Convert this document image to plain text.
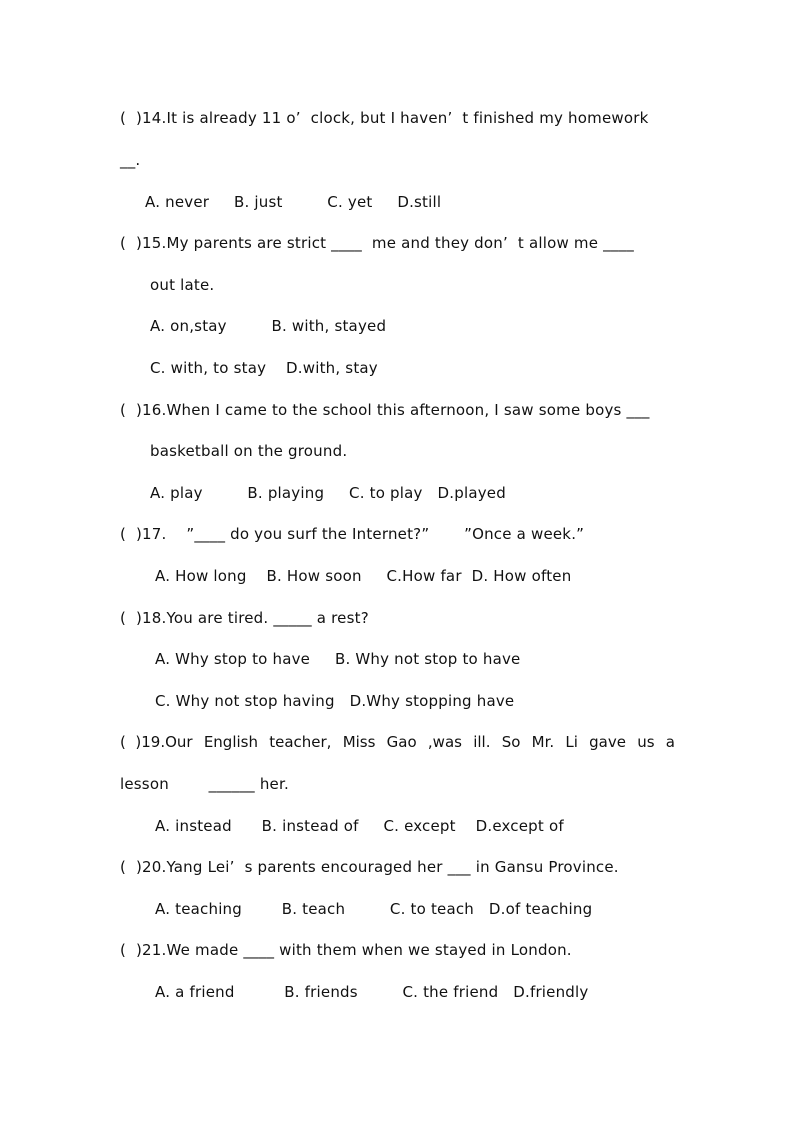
(  )14.It is already 11 o’  clock, but I haven’  t finished my homework
__.
A. never     B. just         C. yet     D.still
(  )15.My parents are strict ____  me and they don’  t allow me ____
out late.
A. on,stay         B. with, stayed
C. with, to stay    D.with, stay
(  )16.When I came to the school this afternoon, I saw some boys ___
basketball on the ground.
A. play         B. playing     C. to play   D.played
(  )17.    ”____ do you surf the Internet?”       ”Once a week.”
A. How long    B. How soon     C.How far  D. How often
(  )18.You are tired. _____ a rest?
A. Why stop to have     B. Why not stop to have
C. Why not stop having   D.Why stopping have
(  )19.Our English teacher, Miss Gao ,was ill. So Mr. Li gave us a
lesson        ______ her.
A. instead      B. instead of     C. except    D.except of
(  )20.Yang Lei’  s parents encouraged her ___ in Gansu Province.
A. teaching        B. teach         C. to teach   D.of teaching
(  )21.We made ____ with them when we stayed in London.
A. a friend          B. friends         C. the friend   D.friendly
